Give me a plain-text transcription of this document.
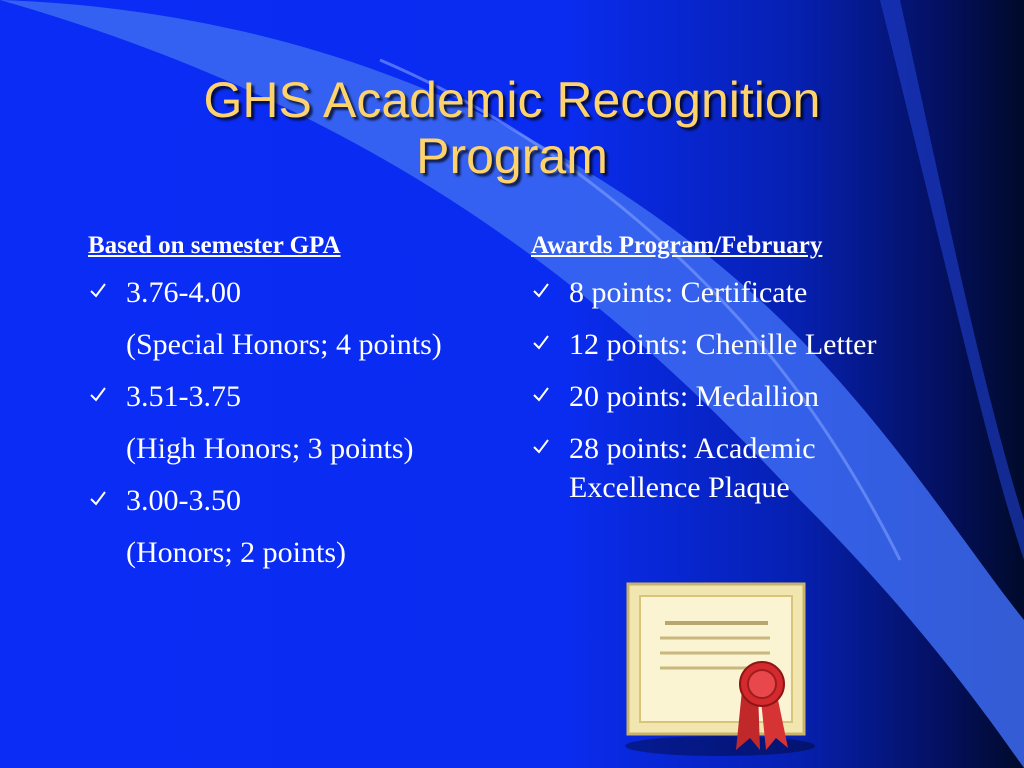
GHS Academic Recognition
Program
Based on semester GPA
3.76-4.00
(Special Honors; 4 points)
3.51-3.75
(High Honors; 3 points)
3.00-3.50
(Honors; 2 points)
Awards Program/February
8 points: Certificate
12 points: Chenille Letter
20 points: Medallion
28 points: Academic
Excellence Plaque
